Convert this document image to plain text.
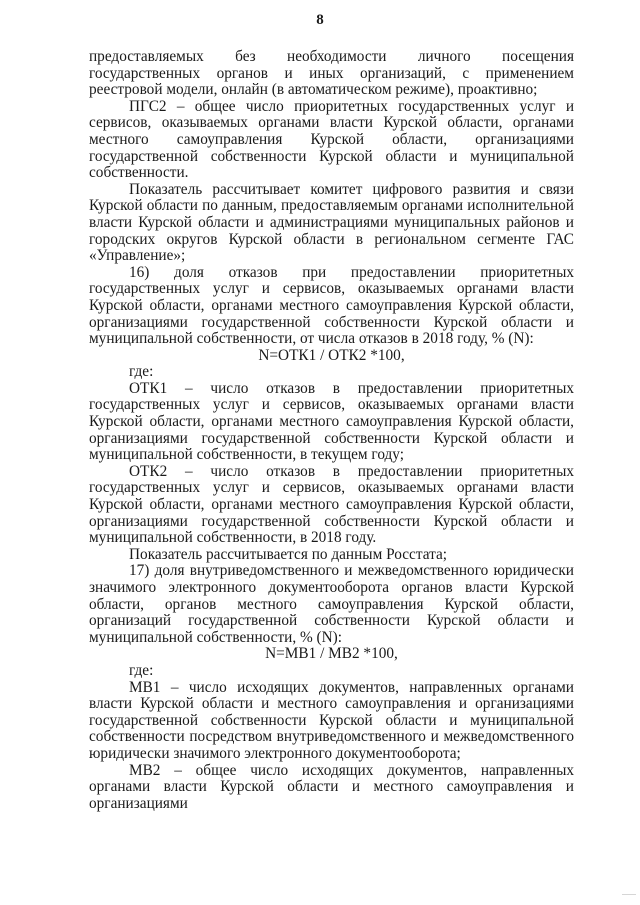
8

предоставляемых без необходимости личного посещения государственных органов и иных организаций, с применением реестровой модели, онлайн (в автоматическом режиме), проактивно;

ПГС2 – общее число приоритетных государственных услуг и сервисов, оказываемых органами власти Курской области, органами местного самоуправления Курской области, организациями государственной собственности Курской области и муниципальной собственности.

Показатель рассчитывает комитет цифрового развития и связи Курской области по данным, предоставляемым органами исполнительной власти Курской области и администрациями муниципальных районов и городских округов Курской области в региональном сегменте ГАС «Управление»;

16) доля отказов при предоставлении приоритетных государственных услуг и сервисов, оказываемых органами власти Курской области, органами местного самоуправления Курской области, организациями государственной собственности Курской области и муниципальной собственности, от числа отказов в 2018 году, % (N):

N=ОТК1 / ОТК2 *100,

где:

ОТК1 – число отказов в предоставлении приоритетных государственных услуг и сервисов, оказываемых органами власти Курской области, органами местного самоуправления Курской области, организациями государственной собственности Курской области и муниципальной собственности, в текущем году;

ОТК2 – число отказов в предоставлении приоритетных государственных услуг и сервисов, оказываемых органами власти Курской области, органами местного самоуправления Курской области, организациями государственной собственности Курской области и муниципальной собственности, в 2018 году.

Показатель рассчитывается по данным Росстата;

17) доля внутриведомственного и межведомственного юридически значимого электронного документооборота органов власти Курской области, органов местного самоуправления Курской области, организаций государственной собственности Курской области и муниципальной собственности, % (N):

N=МВ1 / МВ2 *100,

где:

МВ1 – число исходящих документов, направленных органами власти Курской области и местного самоуправления и организациями государственной собственности Курской области и муниципальной собственности посредством внутриведомственного и межведомственного юридически значимого электронного документооборота;

МВ2 – общее число исходящих документов, направленных органами власти Курской области и местного самоуправления и организациями
